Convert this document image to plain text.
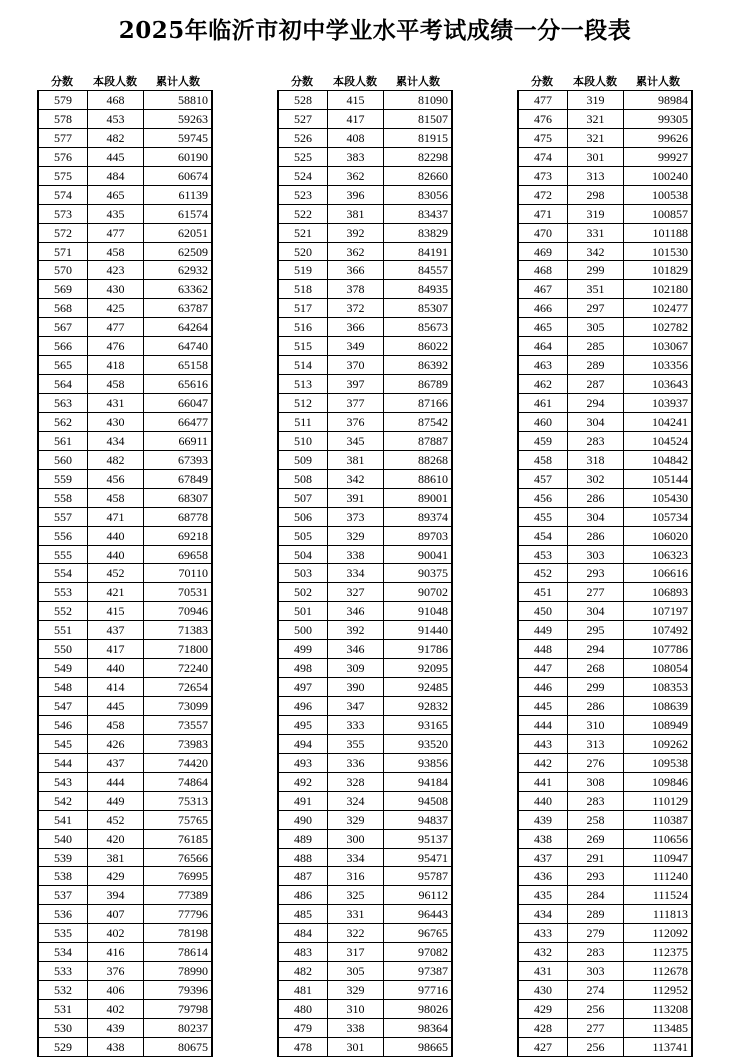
2025年临沂市初中学业水平考试成绩一分一段表
分数	本段人数	累计人数
579	468	58810
578	453	59263
577	482	59745
576	445	60190
575	484	60674
574	465	61139
573	435	61574
572	477	62051
571	458	62509
570	423	62932
569	430	63362
568	425	63787
567	477	64264
566	476	64740
565	418	65158
564	458	65616
563	431	66047
562	430	66477
561	434	66911
560	482	67393
559	456	67849
558	458	68307
557	471	68778
556	440	69218
555	440	69658
554	452	70110
553	421	70531
552	415	70946
551	437	71383
550	417	71800
549	440	72240
548	414	72654
547	445	73099
546	458	73557
545	426	73983
544	437	74420
543	444	74864
542	449	75313
541	452	75765
540	420	76185
539	381	76566
538	429	76995
537	394	77389
536	407	77796
535	402	78198
534	416	78614
533	376	78990
532	406	79396
531	402	79798
530	439	80237
529	438	80675
分数	本段人数	累计人数
528	415	81090
527	417	81507
526	408	81915
525	383	82298
524	362	82660
523	396	83056
522	381	83437
521	392	83829
520	362	84191
519	366	84557
518	378	84935
517	372	85307
516	366	85673
515	349	86022
514	370	86392
513	397	86789
512	377	87166
511	376	87542
510	345	87887
509	381	88268
508	342	88610
507	391	89001
506	373	89374
505	329	89703
504	338	90041
503	334	90375
502	327	90702
501	346	91048
500	392	91440
499	346	91786
498	309	92095
497	390	92485
496	347	92832
495	333	93165
494	355	93520
493	336	93856
492	328	94184
491	324	94508
490	329	94837
489	300	95137
488	334	95471
487	316	95787
486	325	96112
485	331	96443
484	322	96765
483	317	97082
482	305	97387
481	329	97716
480	310	98026
479	338	98364
478	301	98665
分数	本段人数	累计人数
477	319	98984
476	321	99305
475	321	99626
474	301	99927
473	313	100240
472	298	100538
471	319	100857
470	331	101188
469	342	101530
468	299	101829
467	351	102180
466	297	102477
465	305	102782
464	285	103067
463	289	103356
462	287	103643
461	294	103937
460	304	104241
459	283	104524
458	318	104842
457	302	105144
456	286	105430
455	304	105734
454	286	106020
453	303	106323
452	293	106616
451	277	106893
450	304	107197
449	295	107492
448	294	107786
447	268	108054
446	299	108353
445	286	108639
444	310	108949
443	313	109262
442	276	109538
441	308	109846
440	283	110129
439	258	110387
438	269	110656
437	291	110947
436	293	111240
435	284	111524
434	289	111813
433	279	112092
432	283	112375
431	303	112678
430	274	112952
429	256	113208
428	277	113485
427	256	113741
